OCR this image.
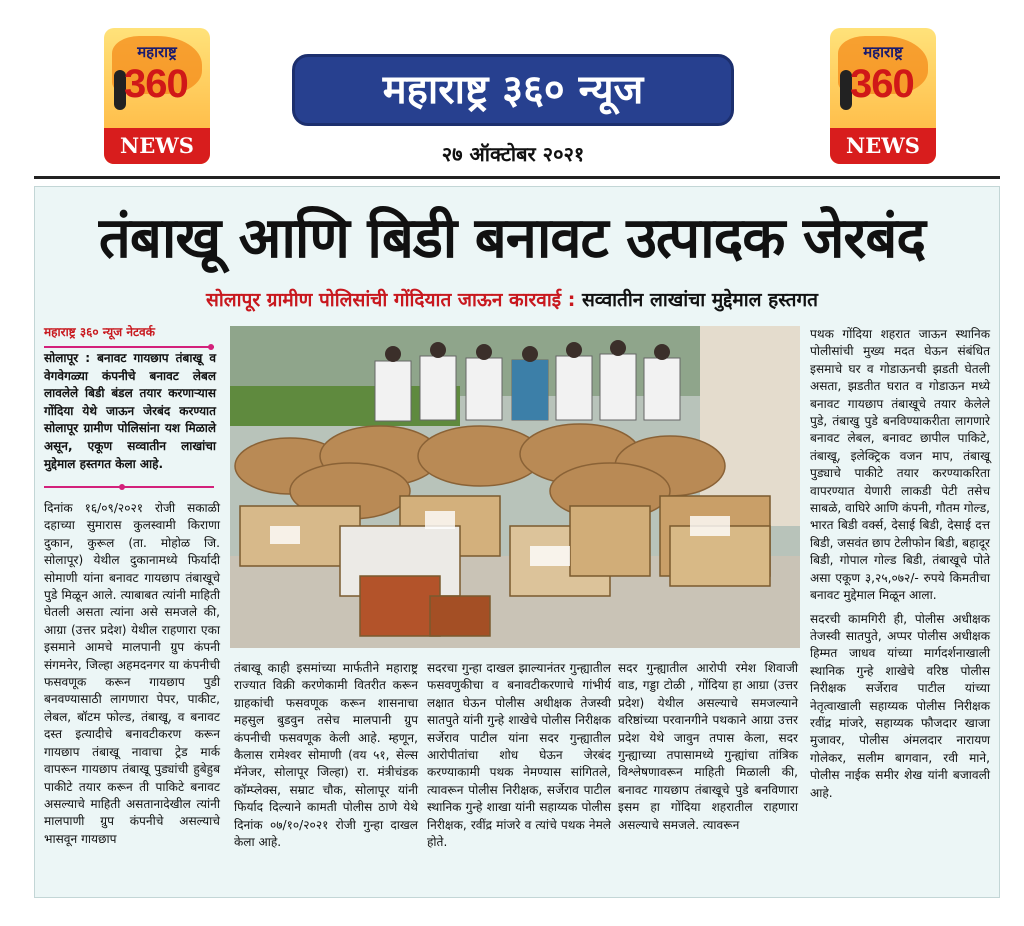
महाराष्ट्र
360
NEWS
महाराष्ट्र
360
NEWS
महाराष्ट्र ३६० न्यूज
२७ ऑक्टोबर २०२१
तंबाखू आणि बिडी बनावट उत्पादक जेरबंद
सोलापूर ग्रामीण पोलिसांची गोंदियात जाऊन कारवाई : सव्वातीन लाखांचा मुद्देमाल हस्तगत
महाराष्ट्र ३६० न्यूज नेटवर्क
सोलापूर : बनावट गायछाप तंबाखू व वेगवेगळ्या कंपनीचे बनावट लेबल लावलेले बिडी बंडल तयार करणाऱ्यास गोंदिया येथे जाऊन जेरबंद करण्यात सोलापूर ग्रामीण पोलिसांना यश मिळाले असून, एकूण सव्वातीन लाखांचा मुद्देमाल हस्तगत केला आहे.

दिनांक १६/०९/२०२१ रोजी सकाळी दहाच्या सुमारास कुलस्वामी किराणा दुकान, कुरूल (ता. मोहोळ जि. सोलापूर) येथील दुकानामध्ये फिर्यादी सोमाणी यांना बनावट गायछाप तंबाखूचे पुडे मिळून आले. त्याबाबत त्यांनी माहिती घेतली असता त्यांना असे समजले की, आग्रा (उत्तर प्रदेश) येथील राहणारा एका इसमाने आमचे मालपानी ग्रुप कंपनी संगमनेर, जिल्हा अहमदनगर या कंपनीची फसवणूक करून गायछाप पुडी बनवण्यासाठी लागणारा पेपर, पाकीट, लेबल, बॉटम फोल्ड, तंबाखू, व बनावट दस्त इत्यादीचे बनावटीकरण करून गायछाप तंबाखू नावाचा ट्रेड मार्क वापरून गायछाप तंबाखू पुड्यांची हुबेहुब पाकीटे तयार करून ती पाकिटे बनावट असल्याचे माहिती असतानादेखील त्यांनी मालपाणी ग्रुप कंपनीचे असल्याचे भासवून गायछाप

तंबाखू काही इसमांच्या मार्फतीने महाराष्ट्र राज्यात विक्री करणेकामी वितरीत करून ग्राहकांची फसवणूक करून शासनाचा महसुल बुडवुन तसेच मालपानी ग्रुप कंपनीची फसवणूक केली आहे. म्हणून, कैलास रामेश्वर सोमाणी (वय ५१, सेल्स मॅनेजर, सोलापूर जिल्हा) रा. मंत्रीचंडक कॉम्प्लेक्स, सम्राट चौक, सोलापूर यांनी फिर्याद दिल्याने कामती पोलीस ठाणे येथे दिनांक ०७/१०/२०२१ रोजी गुन्हा दाखल केला आहे.

सदरचा गुन्हा दाखल झाल्यानंतर गुन्ह्यातील फसवणुकीचा व बनावटीकरणाचे गांभीर्य लक्षात घेऊन पोलीस अधीक्षक तेजस्वी सातपुते यांनी गुन्हे शाखेचे पोलीस निरीक्षक सर्जेराव पाटील यांना सदर गुन्ह्यातील आरोपीतांचा शोध घेऊन जेरबंद करण्याकामी पथक नेमण्यास सांगितले, त्यावरून पोलीस निरीक्षक, सर्जेराव पाटील स्थानिक गुन्हे शाखा यांनी सहाय्यक पोलीस निरीक्षक, रवींद्र मांजरे व त्यांचे पथक नेमले होते.

सदर गुन्ह्यातील आरोपी रमेश शिवाजी वाड, गड्डा टोळी , गोंदिया हा आग्रा (उत्तर प्रदेश) येथील असल्याचे समजल्याने वरिष्ठांच्या परवानगीने पथकाने आग्रा उत्तर प्रदेश येथे जावुन तपास केला, सदर गुन्ह्याच्या तपासामध्ये गुन्ह्यांचा तांत्रिक विश्लेषणावरून माहिती मिळाली की, बनावट गायछाप तंबाखूचे पुडे बनविणारा इसम हा गोंदिया शहरातील राहणारा असल्याचे समजले. त्यावरून

पथक गोंदिया शहरात जाऊन स्थानिक पोलीसांची मुख्य मदत घेऊन संबंधित इसमाचे घर व गोडाऊनची झडती घेतली असता, झडतीत घरात व गोडाऊन मध्ये बनावट गायछाप तंबाखूचे तयार केलेले पुडे, तंबाखु पुडे बनविण्याकरीता लागणारे बनावट लेबल, बनावट छापील पाकिटे, तंबाखू, इलेक्ट्रिक वजन माप, तंबाखू पुड्याचे पाकीटे तयार करण्याकरिता वापरण्यात येणारी लाकडी पेटी तसेच साबळे, वाघिरे आणि कंपनी, गौतम गोल्ड, भारत बिडी वर्क्स, देसाई बिडी, देसाई दत्त बिडी, जसवंत छाप टेलीफोन बिडी, बहादूर बिडी, गोपाल गोल्ड बिडी, तंबाखूचे पोते असा एकूण ३,२५,०७२/- रुपये किमतीचा बनावट मुद्देमाल मिळून आला.

सदरची कामगिरी ही, पोलीस अधीक्षक तेजस्वी सातपुते, अप्पर पोलीस अधीक्षक हिम्मत जाधव यांच्या मार्गदर्शनाखाली स्थानिक गुन्हे शाखेचे वरिष्ठ पोलीस निरीक्षक सर्जेराव पाटील यांच्या नेतृत्वाखाली सहाय्यक पोलीस निरीक्षक रवींद्र मांजरे, सहाय्यक फौजदार खाजा मुजावर, पोलीस अंमलदार नारायण गोलेकर, सलीम बागवान, रवी माने, पोलीस नाईक समीर शेख यांनी बजावली आहे.
